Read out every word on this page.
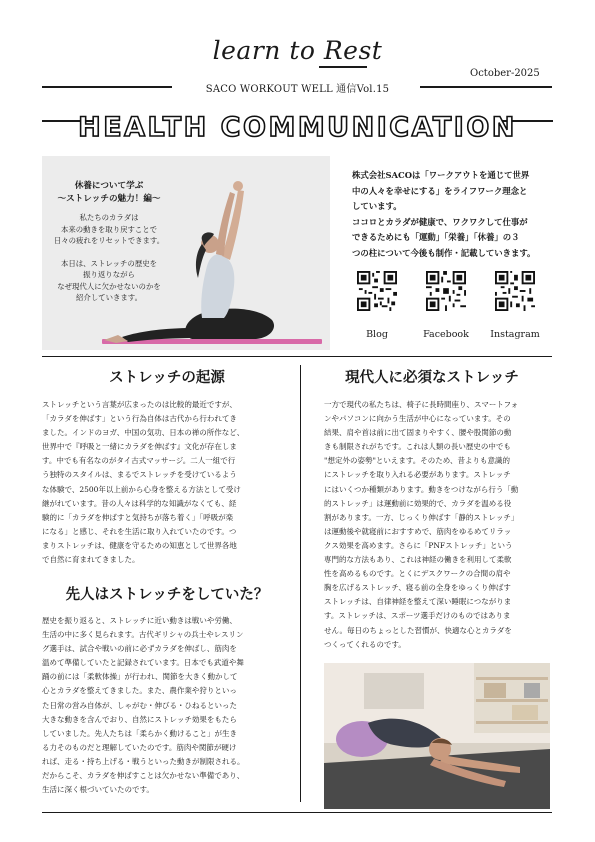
learn to Rest
SACO WORKOUT WELL 通信Vol.15
October-2025
HEALTH COMMUNICATION
休養について学ぶ
～ストレッチの魅力！編～
私たちのカラダは
本来の動きを取り戻すことで
日々の疲れをリセットできます。
本日は、ストレッチの歴史を
振り返りながら
なぜ現代人に欠かせないのかを
紹介していきます。
株式会社SACOは「ワークアウトを通じて世界
中の人々を幸せにする」をライフワーク理念と
しています。
ココロとカラダが健康で、ワクワクして仕事が
できるためにも「運動」「栄養」「休養」の３
つの柱について今後も制作・記載していきます。
Blog	Facebook	Instagram
ストレッチの起源
ストレッチという言葉が広まったのは比較的最近ですが、
「カラダを伸ばす」という行為自体は古代から行われてき
ました。インドのヨガ、中国の気功、日本の禅の所作など、
世界中で『呼吸と一緒にカラダを伸ばす』文化が存在しま
す。中でも有名なのがタイ古式マッサージ。二人一組で行
う独特のスタイルは、まるでストレッチを受けているよう
な体験で、2500年以上前から心身を整える方法として受け
継がれています。昔の人々は科学的な知識がなくても、経
験的に「カラダを伸ばすと気持ちが落ち着く」「呼吸が楽
になる」と感じ、それを生活に取り入れていたのです。つ
まりストレッチは、健康を守るための知恵として世界各地
で自然に育まれてきました。
先人はストレッチをしていた？
歴史を振り返ると、ストレッチに近い動きは戦いや労働、
生活の中に多く見られます。古代ギリシャの兵士やレスリン
グ選手は、試合や戦いの前に必ずカラダを伸ばし、筋肉を
温めて準備していたと記録されています。日本でも武道や舞
踊の前には「柔軟体操」が行われ、関節を大きく動かして
心とカラダを整えてきました。また、農作業や狩りといっ
た日常の営み自体が、しゃがむ・伸びる・ひねるといった
大きな動きを含んでおり、自然にストレッチ効果をもたら
していました。先人たちは「柔らかく動けること」が生き
る力そのものだと理解していたのです。筋肉や関節が硬け
れば、走る・持ち上げる・戦うといった動きが制限される。
だからこそ、カラダを伸ばすことは欠かせない準備であり、
生活に深く根づいていたのです。
現代人に必須なストレッチ
一方で現代の私たちは、椅子に長時間座り、スマートフォ
ンやパソコンに向かう生活が中心になっています。その
結果、肩や首は前に出て固まりやすく、腰や股関節の動
きも制限されがちです。これは人類の長い歴史の中でも
"想定外の姿勢"といえます。そのため、昔よりも意識的
にストレッチを取り入れる必要があります。ストレッチ
にはいくつか種類があります。動きをつけながら行う「動
的ストレッチ」は運動前に効果的で、カラダを温める役
割があります。一方、じっくり伸ばす「静的ストレッチ」
は運動後や就寝前におすすめで、筋肉をゆるめてリラッ
クス効果を高めます。さらに「PNFストレッチ」という
専門的な方法もあり、これは神経の働きを利用して柔軟
性を高めるものです。とくにデスクワークの合間の肩や
胸を広げるストレッチ、寝る前の全身をゆっくり伸ばす
ストレッチは、自律神経を整えて深い睡眠につながりま
す。ストレッチは、スポーツ選手だけのものではありま
せん。毎日のちょっとした習慣が、快適な心とカラダを
つくってくれるのです。
